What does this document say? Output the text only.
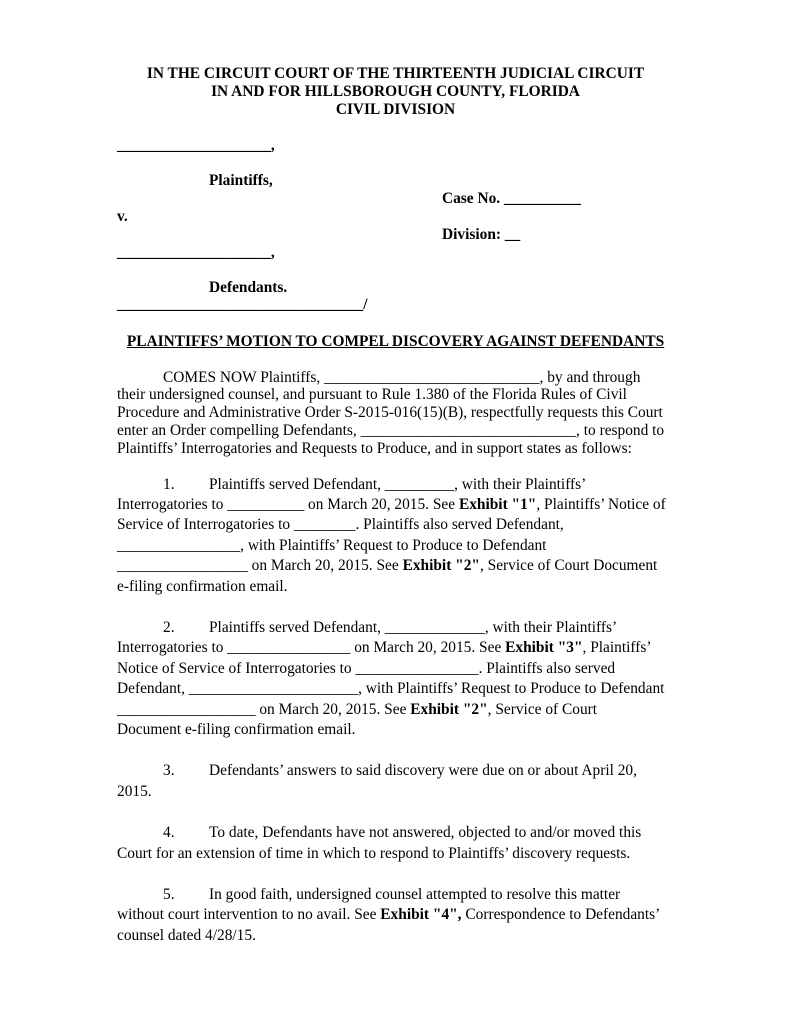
IN THE CIRCUIT COURT OF THE THIRTEENTH JUDICIAL CIRCUIT
IN AND FOR HILLSBOROUGH COUNTY, FLORIDA
CIVIL DIVISION
____________________,
Plaintiffs,
Case No. __________
v.
Division: __
____________________,
Defendants.
________________________________/
PLAINTIFFS’ MOTION TO COMPEL DISCOVERY AGAINST DEFENDANTS
COMES NOW Plaintiffs, ____________________________, by and through
their undersigned counsel, and pursuant to Rule 1.380 of the Florida Rules of Civil
Procedure and Administrative Order S-2015-016(15)(B), respectfully requests this Court
enter an Order compelling Defendants, ____________________________, to respond to
Plaintiffs’ Interrogatories and Requests to Produce, and in support states as follows:
1. Plaintiffs served Defendant, _________, with their Plaintiffs’
Interrogatories to __________ on March 20, 2015. See Exhibit "1", Plaintiffs’ Notice of
Service of Interrogatories to ________. Plaintiffs also served Defendant,
________________, with Plaintiffs’ Request to Produce to Defendant
_________________ on March 20, 2015. See Exhibit "2", Service of Court Document
e-filing confirmation email.
2. Plaintiffs served Defendant, _____________, with their Plaintiffs’
Interrogatories to ________________ on March 20, 2015. See Exhibit "3", Plaintiffs’
Notice of Service of Interrogatories to ________________. Plaintiffs also served
Defendant, ______________________, with Plaintiffs’ Request to Produce to Defendant
__________________ on March 20, 2015. See Exhibit "2", Service of Court
Document e-filing confirmation email.
3. Defendants’ answers to said discovery were due on or about April 20,
2015.
4. To date, Defendants have not answered, objected to and/or moved this
Court for an extension of time in which to respond to Plaintiffs’ discovery requests.
5. In good faith, undersigned counsel attempted to resolve this matter
without court intervention to no avail. See Exhibit "4", Correspondence to Defendants’
counsel dated 4/28/15.
